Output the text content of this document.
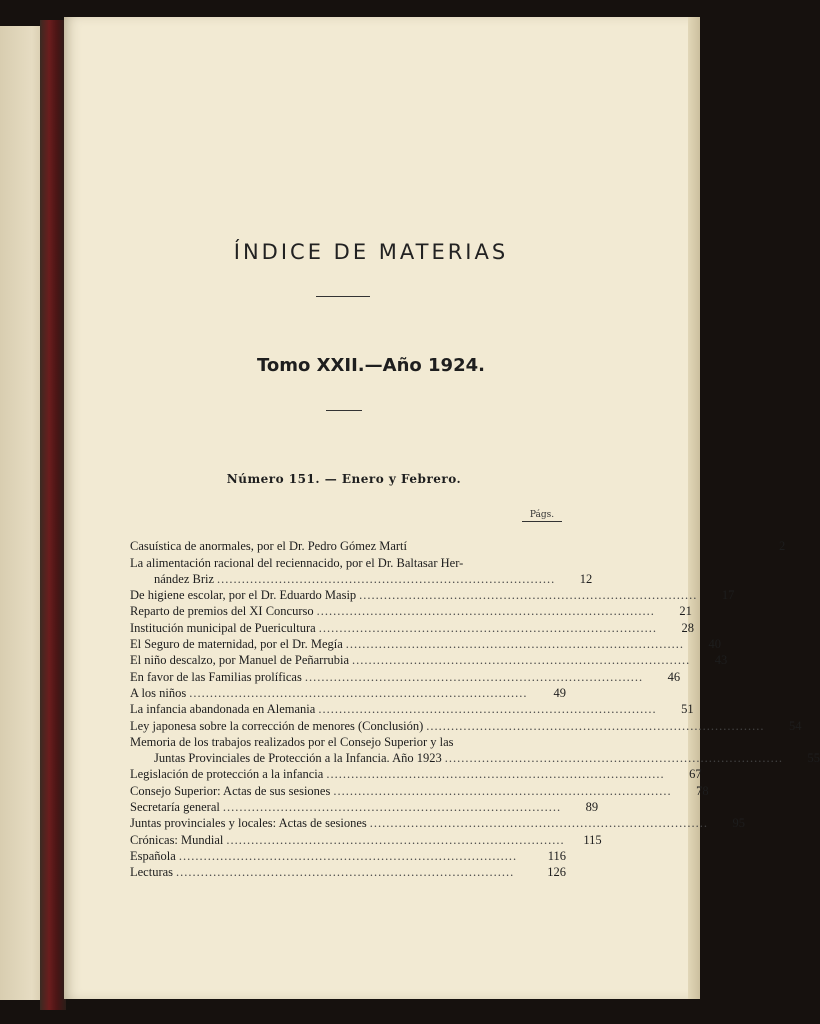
ÍNDICE DE MATERIAS
Tomo XXII.—Año 1924.
Número 151. — Enero y Febrero.
Págs.
Casuística de anormales, por el Dr. Pedro Gómez Martí	2
La alimentación racional del reciennacido, por el Dr. Baltasar Her-
nández Briz ..................................................................................	12
De higiene escolar, por el Dr. Eduardo Masip ..................................................................................	17
Reparto de premios del XI Concurso ..................................................................................	21
Institución municipal de Puericultura ..................................................................................	28
El Seguro de maternidad, por el Dr. Megía ..................................................................................	40
El niño descalzo, por Manuel de Peñarrubia ..................................................................................	43
En favor de las Familias prolíficas ..................................................................................	46
A los niños ..................................................................................	49
La infancia abandonada en Alemania ..................................................................................	51
Ley japonesa sobre la corrección de menores (Conclusión) ..................................................................................	54
Memoria de los trabajos realizados por el Consejo Superior y las
Juntas Provinciales de Protección a la Infancia. Año 1923 ..................................................................................	55
Legislación de protección a la infancia ..................................................................................	67
Consejo Superior: Actas de sus sesiones ..................................................................................	78
Secretaría general ..................................................................................	89
Juntas provinciales y locales: Actas de sesiones ..................................................................................	95
Crónicas: Mundial ..................................................................................	115
Española ..................................................................................	116
Lecturas ..................................................................................	126
